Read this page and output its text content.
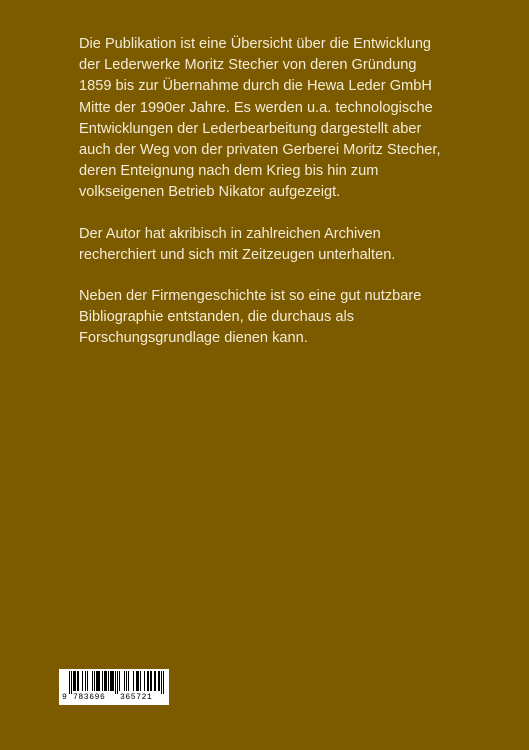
Die Publikation ist eine Übersicht über die Entwicklung
der Lederwerke Moritz Stecher von deren Gründung
1859 bis zur Übernahme durch die Hewa Leder GmbH
Mitte der 1990er Jahre. Es werden u.a. technologische
Entwicklungen der Lederbearbeitung dargestellt aber
auch der Weg von der privaten Gerberei Moritz Stecher,
deren Enteignung nach dem Krieg bis hin zum
volkseigenen Betrieb Nikator aufgezeigt.

Der Autor hat akribisch in zahlreichen Archiven
recherchiert und sich mit Zeitzeugen unterhalten.

Neben der Firmengeschichte ist so eine gut nutzbare
Bibliographie entstanden, die durchaus als
Forschungsgrundlage dienen kann.

9 783696 365721
